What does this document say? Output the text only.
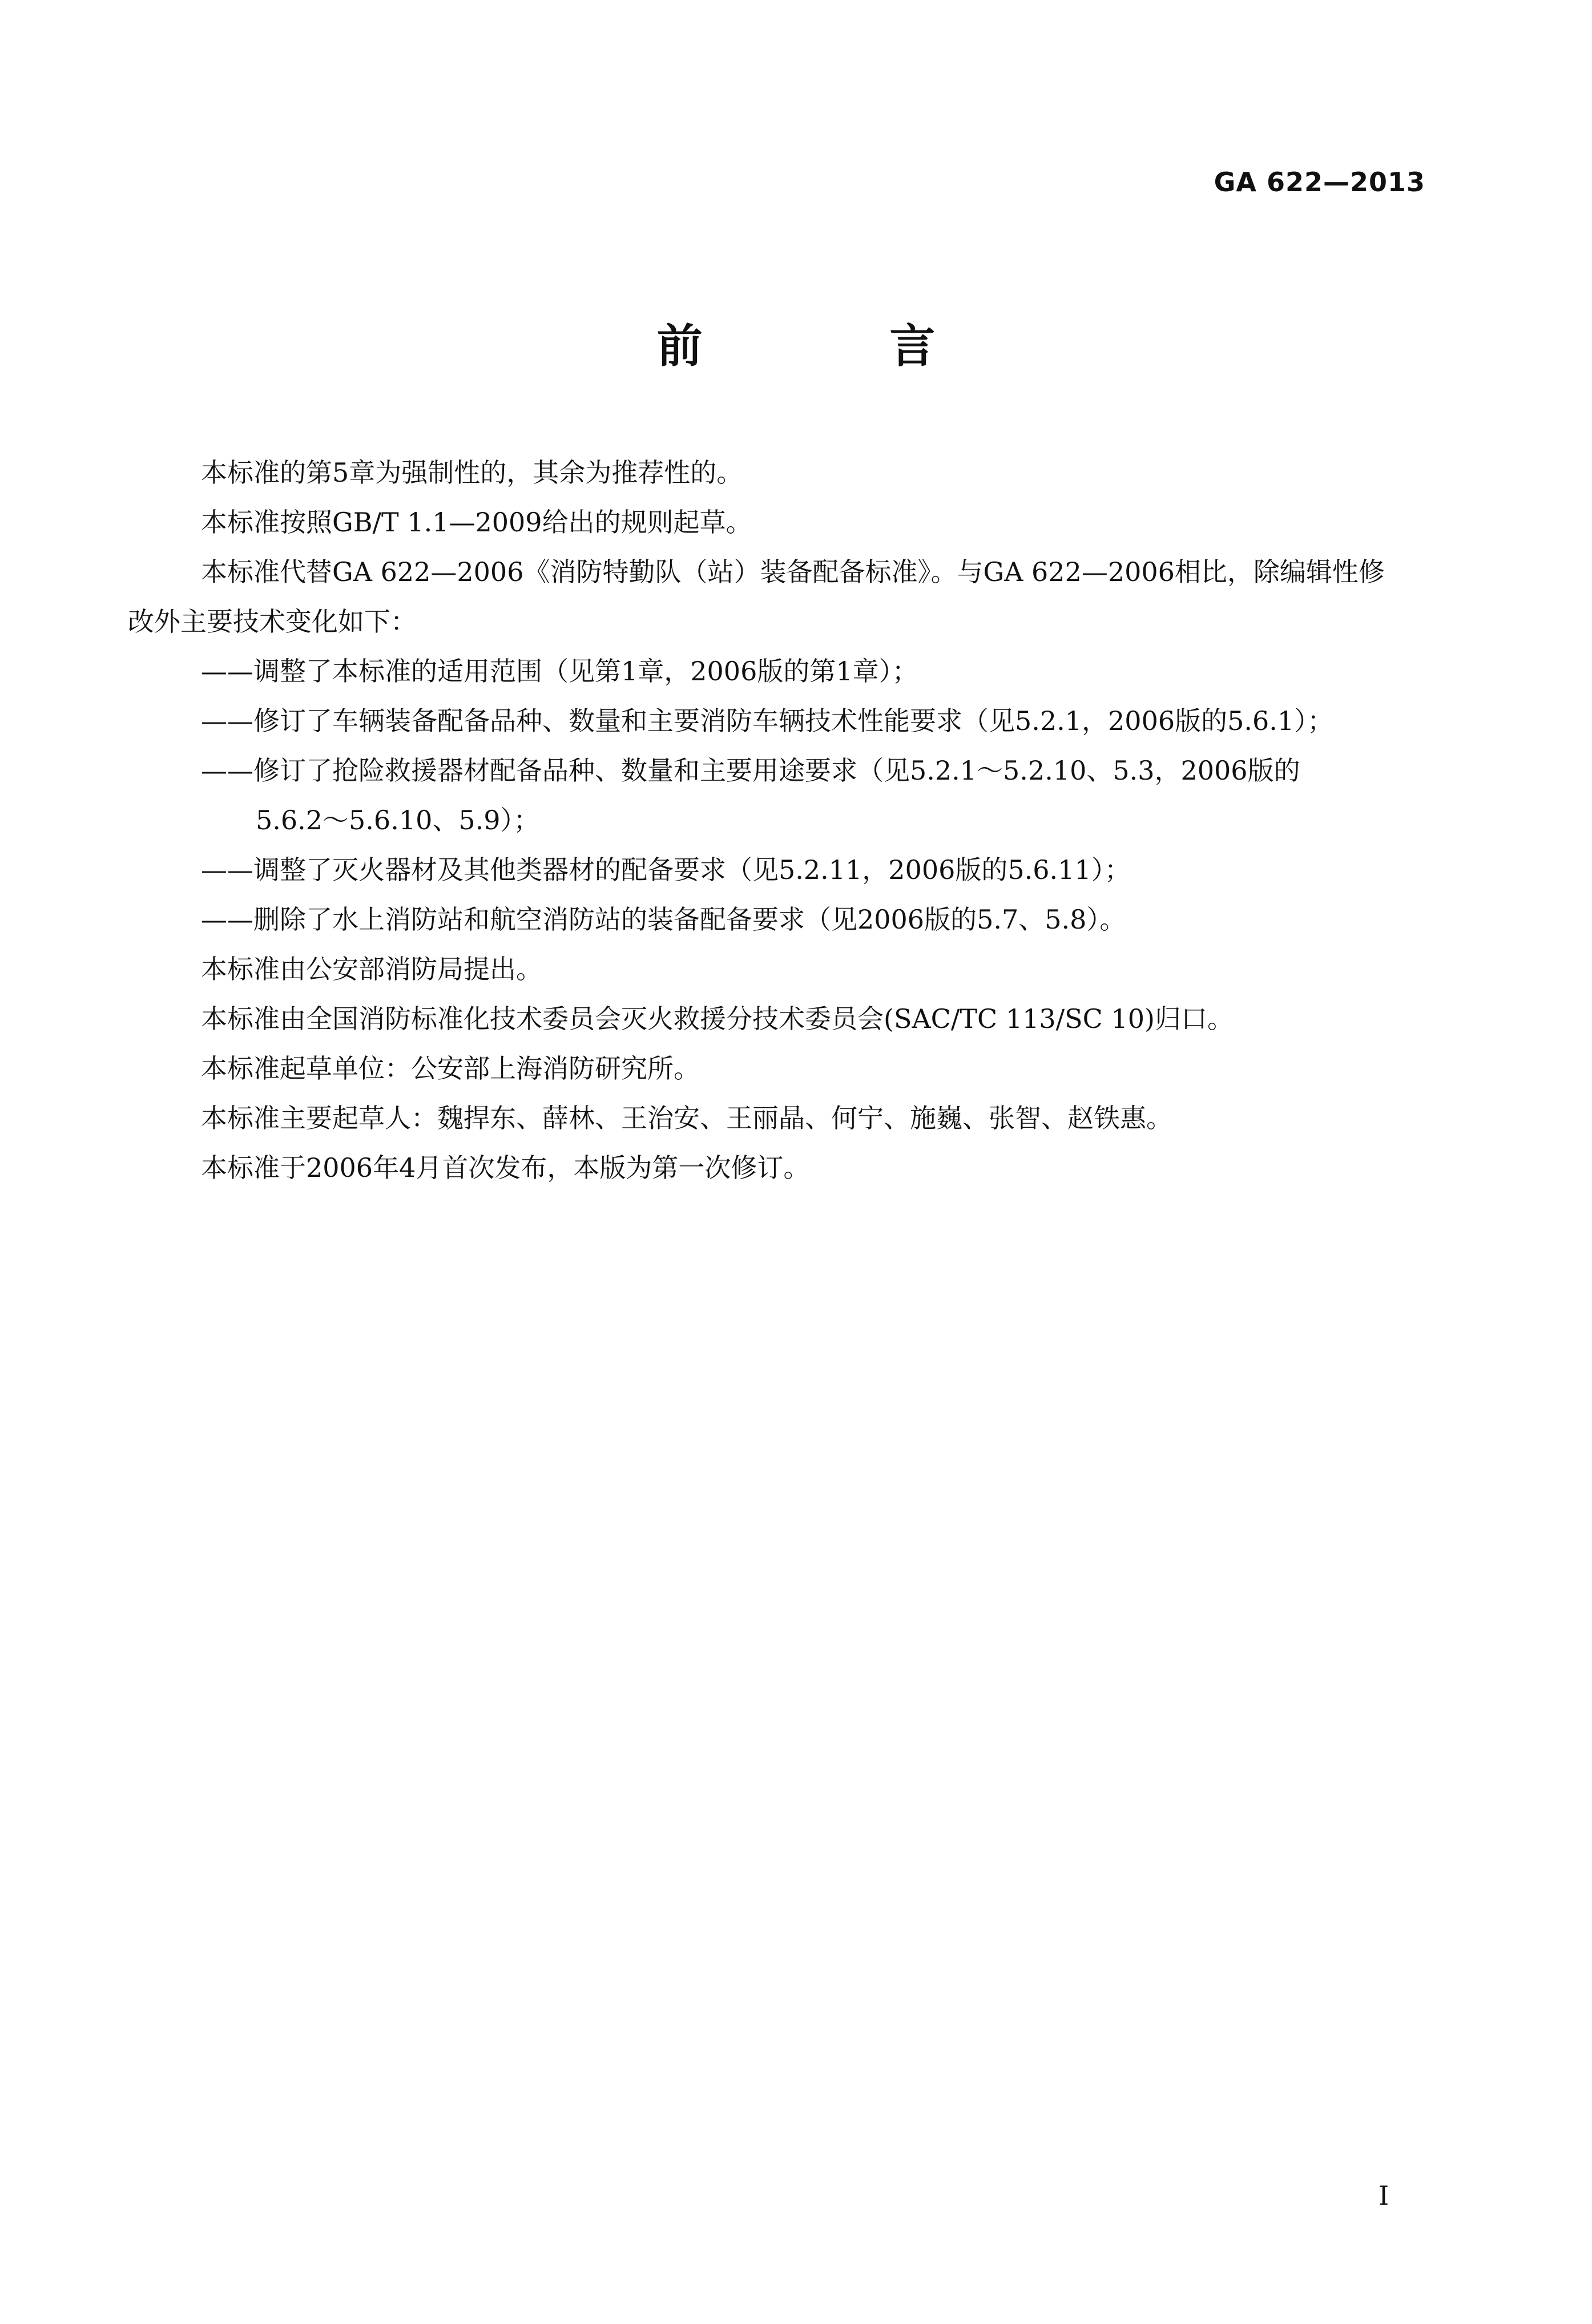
GA 622—2013
前 言

本标准的第5章为强制性的，其余为推荐性的。

本标准按照GB/T 1.1—2009给出的规则起草。

本标准代替GA 622—2006《消防特勤队（站）装备配备标准》。与GA 622—2006相比，除编辑性修

改外主要技术变化如下：

——调整了本标准的适用范围（见第1章，2006版的第1章）；

——修订了车辆装备配备品种、数量和主要消防车辆技术性能要求（见5.2.1，2006版的5.6.1）；

——修订了抢险救援器材配备品种、数量和主要用途要求（见5.2.1～5.2.10、5.3，2006版的

5.6.2～5.6.10、5.9）；

——调整了灭火器材及其他类器材的配备要求（见5.2.11，2006版的5.6.11）；

——删除了水上消防站和航空消防站的装备配备要求（见2006版的5.7、5.8）。

本标准由公安部消防局提出。

本标准由全国消防标准化技术委员会灭火救援分技术委员会(SAC/TC 113/SC 10)归口。

本标准起草单位：公安部上海消防研究所。

本标准主要起草人：魏捍东、薛林、王治安、王丽晶、何宁、施巍、张智、赵铁惠。

本标准于2006年4月首次发布，本版为第一次修订。

I
